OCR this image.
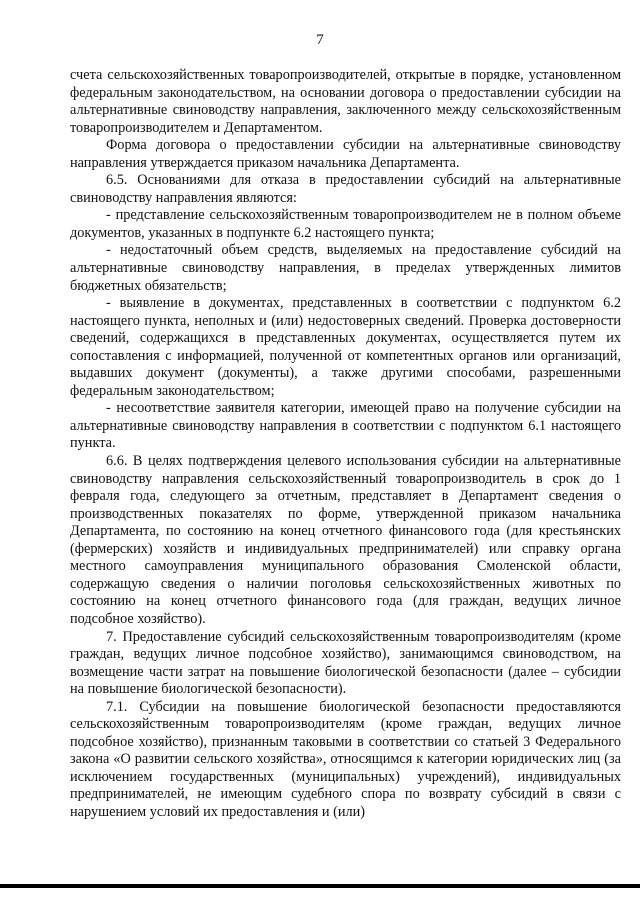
7

счета сельскохозяйственных товаропроизводителей, открытые в порядке, установленном федеральным законодательством, на основании договора о предоставлении субсидии на альтернативные свиноводству направления, заключенного между сельскохозяйственным товаропроизводителем и Департаментом.

Форма договора о предоставлении субсидии на альтернативные свиноводству направления утверждается приказом начальника Департамента.

6.5. Основаниями для отказа в предоставлении субсидий на альтернативные свиноводству направления являются:

- представление сельскохозяйственным товаропроизводителем не в полном объеме документов, указанных в подпункте 6.2 настоящего пункта;

- недостаточный объем средств, выделяемых на предоставление субсидий на альтернативные свиноводству направления, в пределах утвержденных лимитов бюджетных обязательств;

- выявление в документах, представленных в соответствии с подпунктом 6.2 настоящего пункта, неполных и (или) недостоверных сведений. Проверка достоверности сведений, содержащихся в представленных документах, осуществляется путем их сопоставления с информацией, полученной от компетентных органов или организаций, выдавших документ (документы), а также другими способами, разрешенными федеральным законодательством;

- несоответствие заявителя категории, имеющей право на получение субсидии на альтернативные свиноводству направления в соответствии с подпунктом 6.1 настоящего пункта.

6.6. В целях подтверждения целевого использования субсидии на альтернативные свиноводству направления сельскохозяйственный товаропроизводитель в срок до 1 февраля года, следующего за отчетным, представляет в Департамент сведения о производственных показателях по форме, утвержденной приказом начальника Департамента, по состоянию на конец отчетного финансового года (для крестьянских (фермерских) хозяйств и индивидуальных предпринимателей) или справку органа местного самоуправления муниципального образования Смоленской области, содержащую сведения о наличии поголовья сельскохозяйственных животных по состоянию на конец отчетного финансового года (для граждан, ведущих личное подсобное хозяйство).

7. Предоставление субсидий сельскохозяйственным товаропроизводителям (кроме граждан, ведущих личное подсобное хозяйство), занимающимся свиноводством, на возмещение части затрат на повышение биологической безопасности (далее – субсидии на повышение биологической безопасности).

7.1. Субсидии на повышение биологической безопасности предоставляются сельскохозяйственным товаропроизводителям (кроме граждан, ведущих личное подсобное хозяйство), признанным таковыми в соответствии со статьей 3 Федерального закона «О развитии сельского хозяйства», относящимся к категории юридических лиц (за исключением государственных (муниципальных) учреждений), индивидуальных предпринимателей, не имеющим судебного спора по возврату субсидий в связи с нарушением условий их предоставления и (или)
